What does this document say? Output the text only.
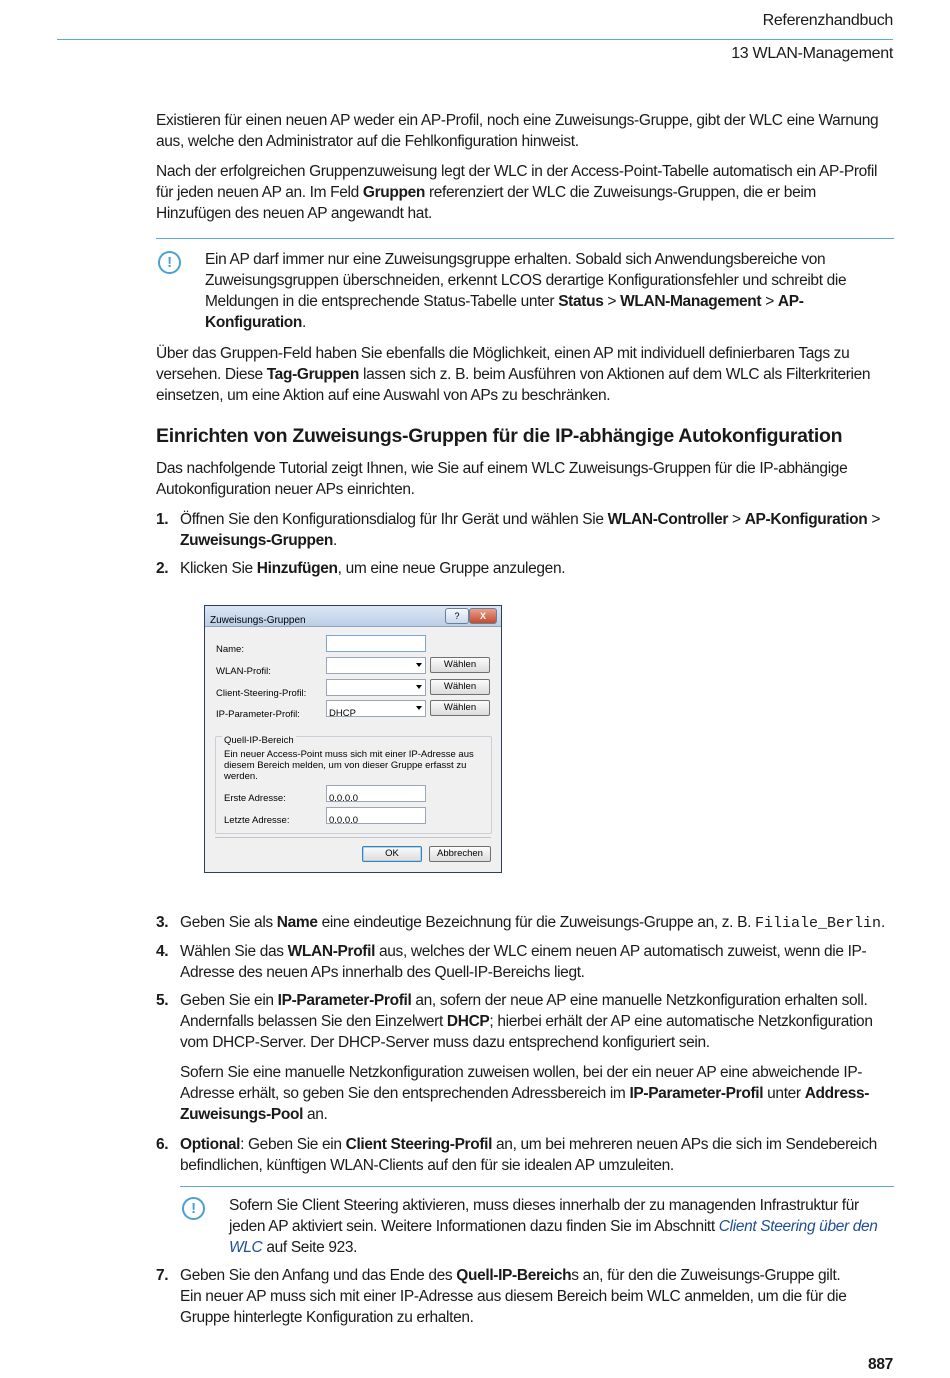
Referenzhandbuch
13 WLAN-Management

Existieren für einen neuen AP weder ein AP-Profil, noch eine Zuweisungs-Gruppe, gibt der WLC eine Warnung aus, welche den Administrator auf die Fehlkonfiguration hinweist.

Nach der erfolgreichen Gruppenzuweisung legt der WLC in der Access-Point-Tabelle automatisch ein AP-Profil für jeden neuen AP an. Im Feld Gruppen referenziert der WLC die Zuweisungs-Gruppen, die er beim Hinzufügen des neuen AP angewandt hat.

!	Ein AP darf immer nur eine Zuweisungsgruppe erhalten. Sobald sich Anwendungsbereiche von Zuweisungsgruppen überschneiden, erkennt LCOS derartige Konfigurationsfehler und schreibt die Meldungen in die entsprechende Status-Tabelle unter Status > WLAN-Management > AP-Konfiguration.

Über das Gruppen-Feld haben Sie ebenfalls die Möglichkeit, einen AP mit individuell definierbaren Tags zu versehen. Diese Tag-Gruppen lassen sich z. B. beim Ausführen von Aktionen auf dem WLC als Filterkriterien einsetzen, um eine Aktion auf eine Auswahl von APs zu beschränken.

Einrichten von Zuweisungs-Gruppen für die IP-abhängige Autokonfiguration

Das nachfolgende Tutorial zeigt Ihnen, wie Sie auf einem WLC Zuweisungs-Gruppen für die IP-abhängige Autokonfiguration neuer APs einrichten.

1. Öffnen Sie den Konfigurationsdialog für Ihr Gerät und wählen Sie WLAN-Controller > AP-Konfiguration > Zuweisungs-Gruppen.
2. Klicken Sie Hinzufügen, um eine neue Gruppe anzulegen.
Zuweisungs-Gruppen	?	X
Name:
WLAN-Profil:
Wählen
Client-Steering-Profil:
Wählen
IP-Parameter-Profil:	DHCP
Wählen
Quell-IP-Bereich
Ein neuer Access-Point muss sich mit einer IP-Adresse aus diesem Bereich melden, um von dieser Gruppe erfasst zu werden.
Erste Adresse:	0.0.0.0
Letzte Adresse:	0.0.0.0
OK	Abbrechen
3. Geben Sie als Name eine eindeutige Bezeichnung für die Zuweisungs-Gruppe an, z. B. Filiale_Berlin.
4. Wählen Sie das WLAN-Profil aus, welches der WLC einem neuen AP automatisch zuweist, wenn die IP-Adresse des neuen APs innerhalb des Quell-IP-Bereichs liegt.
5. Geben Sie ein IP-Parameter-Profil an, sofern der neue AP eine manuelle Netzkonfiguration erhalten soll. Andernfalls belassen Sie den Einzelwert DHCP; hierbei erhält der AP eine automatische Netzkonfiguration vom DHCP-Server. Der DHCP-Server muss dazu entsprechend konfiguriert sein.

Sofern Sie eine manuelle Netzkonfiguration zuweisen wollen, bei der ein neuer AP eine abweichende IP-Adresse erhält, so geben Sie den entsprechenden Adressbereich im IP-Parameter-Profil unter Address-Zuweisungs-Pool an.

6. Optional: Geben Sie ein Client Steering-Profil an, um bei mehreren neuen APs die sich im Sendebereich befindlichen, künftigen WLAN-Clients auf den für sie idealen AP umzuleiten.
!	Sofern Sie Client Steering aktivieren, muss dieses innerhalb der zu managenden Infrastruktur für jeden AP aktiviert sein. Weitere Informationen dazu finden Sie im Abschnitt Client Steering über den WLC auf Seite 923.
7. Geben Sie den Anfang und das Ende des Quell-IP-Bereichs an, für den die Zuweisungs-Gruppe gilt.
Ein neuer AP muss sich mit einer IP-Adresse aus diesem Bereich beim WLC anmelden, um die für die Gruppe hinterlegte Konfiguration zu erhalten.
887
